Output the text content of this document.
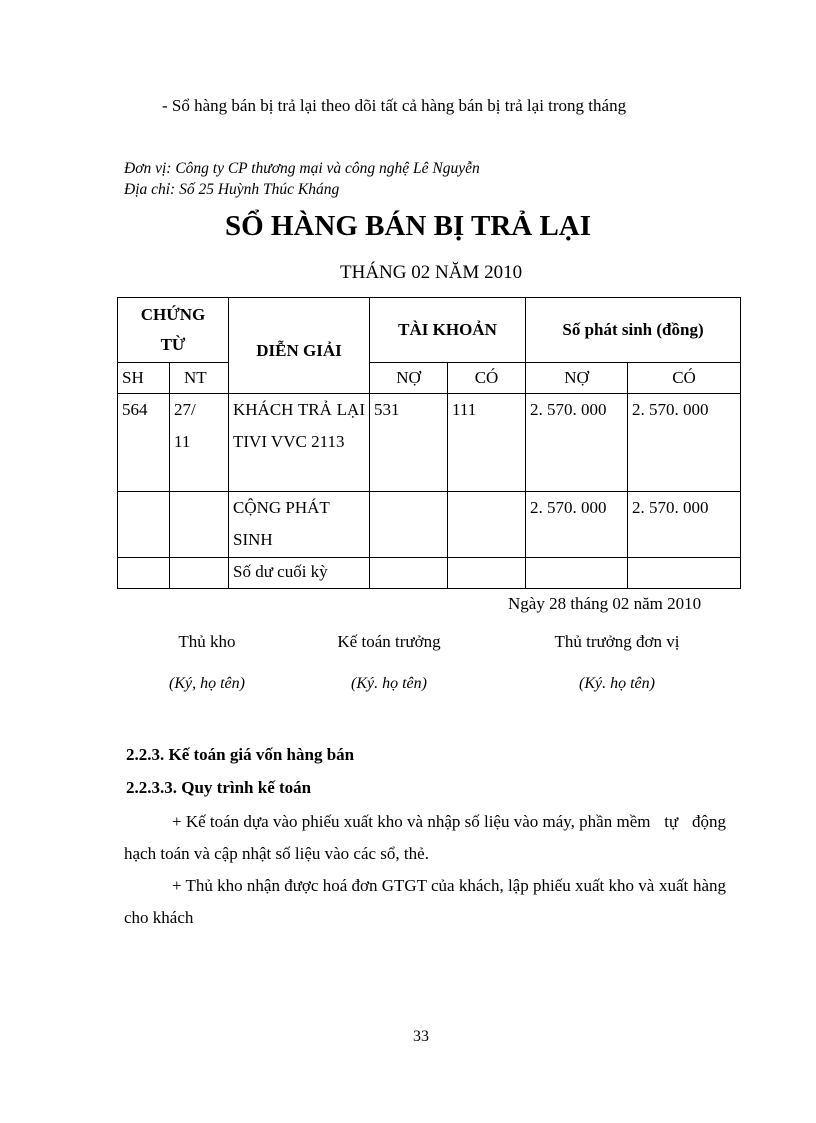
- Sổ hàng bán bị trả lại theo dõi tất cả hàng bán bị trả lại trong tháng
Đơn vị: Công ty CP thương mại và công nghệ Lê Nguyễn
Địa chỉ: Số 25 Huỳnh Thúc Kháng
SỔ HÀNG BÁN BỊ TRẢ LẠI
THÁNG 02 NĂM 2010
CHỨNG TỪ		DIỄN GIẢI	TÀI KHOẢN		Số phát sinh (đồng)	
SH	NT		NỢ	CÓ	NỢ	CÓ
564	27/ 11	KHÁCH TRẢ LẠI TIVI VVC 2113	531	111	2. 570. 000	2. 570. 000
		CỘNG PHÁT SINH			2. 570. 000	2. 570. 000
		Số dư cuối kỳ				
Ngày 28 tháng 02 năm 2010
Thủ kho	Kế toán trưởng	Thủ trưởng đơn vị
(Ký, họ tên)	(Ký. họ tên)	(Ký. họ tên)
2.2.3. Kế toán giá vốn hàng bán
2.2.3.3. Quy trình kế toán
+ Kế toán dựa vào phiếu xuất kho và nhập số liệu vào máy, phần mềm tự động hạch toán và cập nhật số liệu vào các sổ, thẻ.
+ Thủ kho nhận được hoá đơn GTGT của khách, lập phiếu xuất kho và xuất hàng cho khách
33
